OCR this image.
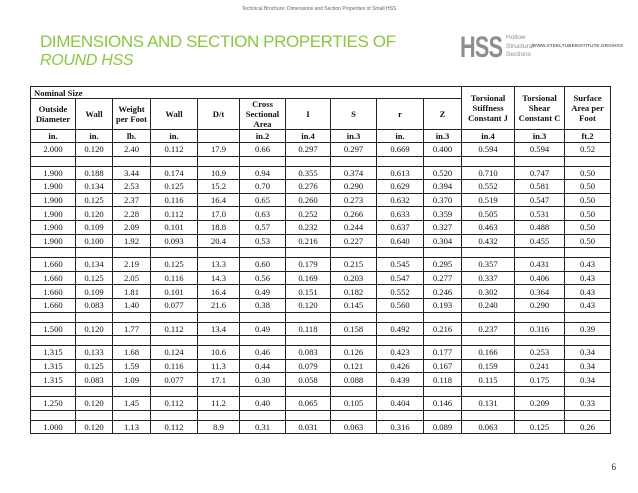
Technical Brochure: Dimensions and Section Properties of Small HSS
DIMENSIONS AND SECTION PROPERTIES OF
ROUND HSS	HSS Hollow
Structural
Sections
WWW.STEELTUBEINSTITUTE.ORG/HSS
Nominal Size										Torsional Stiffness Constant J	Torsional Shear Constant C	Surface Area per Foot
Outside Diameter	Wall	Weight per Foot	Wall	D/t	Cross Sectional Area	I	S	r	Z			
in.	in.	lb.	in.		in.2	in.4	in.3	in.	in.3	in.4	in.3	ft.2
2.000	0.120	2.40	0.112	17.9	0.66	0.297	0.297	0.669	0.400	0.594	0.594	0.52

1.900	0.188	3.44	0.174	10.9	0.94	0.355	0.374	0.613	0.520	0.710	0.747	0.50
1.900	0.134	2.53	0.125	15.2	0.70	0.276	0.290	0.629	0.394	0.552	0.581	0.50
1.900	0.125	2.37	0.116	16.4	0.65	0.260	0.273	0.632	0.370	0.519	0.547	0.50
1.900	0.120	2.28	0.112	17.0	0.63	0.252	0.266	0.633	0.359	0.505	0.531	0.50
1.900	0.109	2.09	0.101	18.8	0.57	0.232	0.244	0.637	0.327	0.463	0.488	0.50
1.900	0.100	1.92	0.093	20.4	0.53	0.216	0.227	0.640	0.304	0.432	0.455	0.50

1.660	0.134	2.19	0.125	13.3	0.60	0.179	0.215	0.545	0.295	0.357	0.431	0.43
1.660	0.125	2.05	0.116	14.3	0.56	0.169	0.203	0.547	0.277	0.337	0.406	0.43
1.660	0.109	1.81	0.101	16.4	0.49	0.151	0.182	0.552	0.246	0.302	0.364	0.43
1.660	0.083	1.40	0.077	21.6	0.38	0.120	0.145	0.560	0.193	0.240	0.290	0.43

1.500	0.120	1.77	0.112	13.4	0.49	0.118	0.158	0.492	0.216	0.237	0.316	0.39

1.315	0.133	1.68	0.124	10.6	0.46	0.083	0.126	0.423	0.177	0.166	0.253	0.34
1.315	0.125	1.59	0.116	11.3	0.44	0.079	0.121	0.426	0.167	0.159	0.241	0.34
1.315	0.083	1.09	0.077	17.1	0.30	0.058	0.088	0.439	0.118	0.115	0.175	0.34

1.250	0.120	1.45	0.112	11.2	0.40	0.065	0.105	0.404	0.146	0.131	0.209	0.33

1.000	0.120	1.13	0.112	8.9	0.31	0.031	0.063	0.316	0.089	0.063	0.125	0.26
6
